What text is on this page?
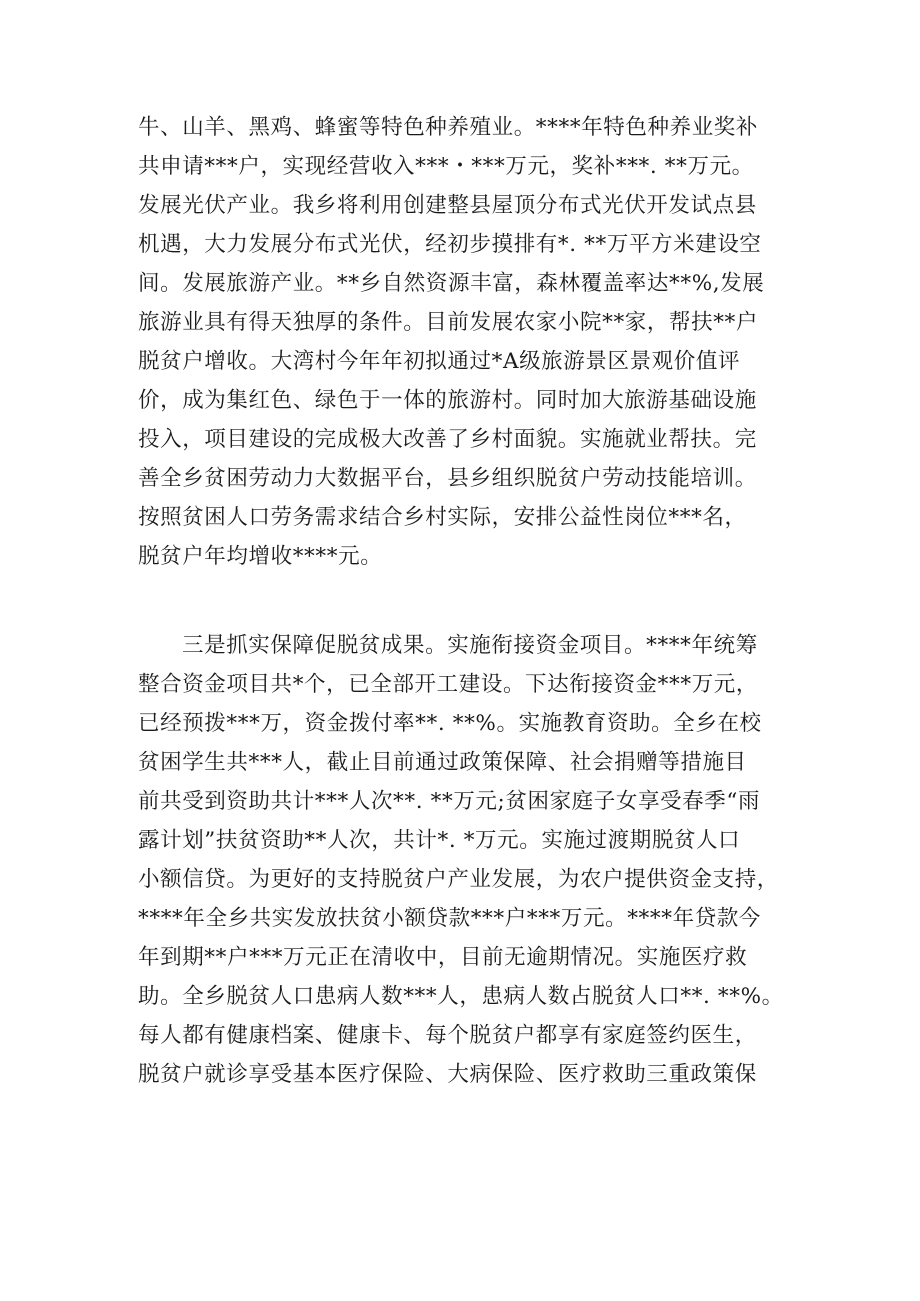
牛、山羊、黑鸡、蜂蜜等特色种养殖业。****年特色种养业奖补
共申请***户，实现经营收入***・***万元，奖补***. **万元。
发展光伏产业。我乡将利用创建整县屋顶分布式光伏开发试点县
机遇，大力发展分布式光伏，经初步摸排有*. **万平方米建设空
间。发展旅游产业。**乡自然资源丰富，森林覆盖率达**%,发展
旅游业具有得天独厚的条件。目前发展农家小院**家，帮扶**户
脱贫户增收。大湾村今年年初拟通过*A级旅游景区景观价值评
价，成为集红色、绿色于一体的旅游村。同时加大旅游基础设施
投入，项目建设的完成极大改善了乡村面貌。实施就业帮扶。完
善全乡贫困劳动力大数据平台，县乡组织脱贫户劳动技能培训。
按照贫困人口劳务需求结合乡村实际，安排公益性岗位***名，
脱贫户年均增收****元。
三是抓实保障促脱贫成果。实施衔接资金项目。****年统筹
整合资金项目共*个，已全部开工建设。下达衔接资金***万元，
已经预拨***万，资金拨付率**. **%。实施教育资助。全乡在校
贫困学生共***人，截止目前通过政策保障、社会捐赠等措施目
前共受到资助共计***人次**. **万元;贫困家庭子女享受春季“雨
露计划”扶贫资助**人次，共计*. *万元。实施过渡期脱贫人口
小额信贷。为更好的支持脱贫户产业发展，为农户提供资金支持，
****年全乡共实发放扶贫小额贷款***户***万元。****年贷款今
年到期**户***万元正在清收中，目前无逾期情况。实施医疗救
助。全乡脱贫人口患病人数***人，患病人数占脱贫人口**. **%。
每人都有健康档案、健康卡、每个脱贫户都享有家庭签约医生，
脱贫户就诊享受基本医疗保险、大病保险、医疗救助三重政策保
